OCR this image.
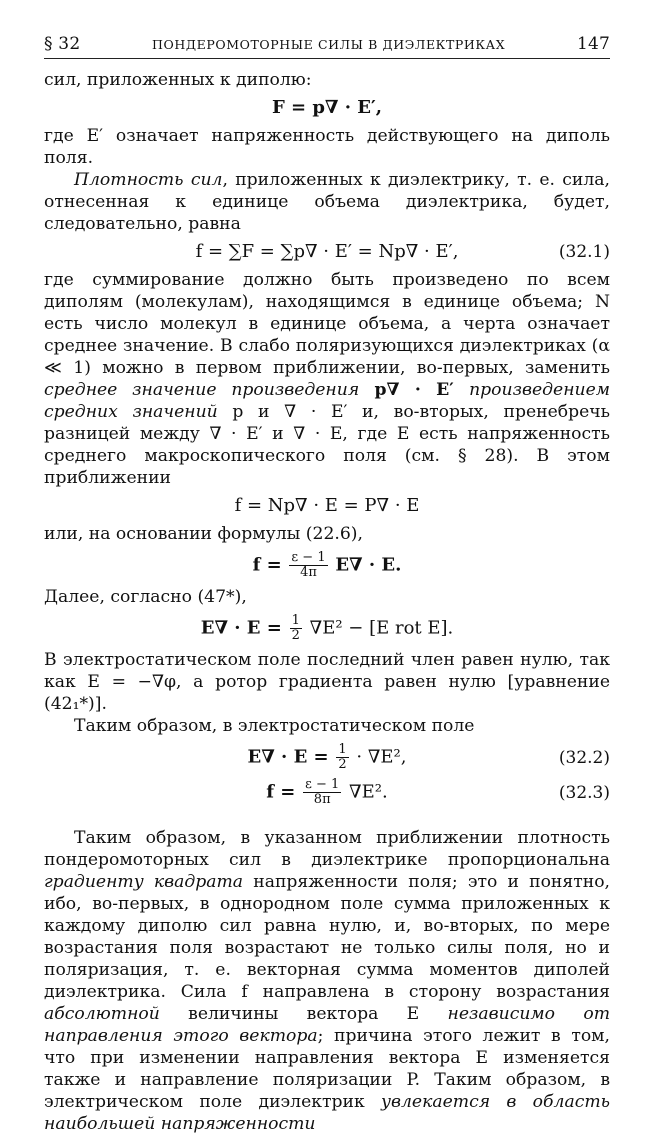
§ 32	ПОНДЕРОМОТОРНЫЕ СИЛЫ В ДИЭЛЕКТРИКАХ	147

сил, приложенных к диполю:

F = p∇ · E′,

где E′ означает напряженность действующего на диполь поля.

Плотность сил, приложенных к диэлектрику, т. е. сила, отнесенная к единице объема диэлектрика, будет, следовательно, равна

f = ∑F = ∑p∇ · E′ = Np∇ · E′,	(32.1)

где суммирование должно быть произведено по всем диполям (молекулам), находящимся в единице объема; N есть число молекул в единице объема, а черта означает среднее значение. В слабо поляризующихся диэлектриках (α ≪ 1) можно в первом приближении, во-первых, заменить среднее значение произведения p∇ · E′ произведением средних значений p и ∇ · E′ и, во-вторых, пренебречь разницей между ∇ · E′ и ∇ · E, где E есть напряженность среднего макроскопического поля (см. § 28). В этом приближении

f = Np∇ · E = P∇ · E

или, на основании формулы (22.6),

$f = \frac{\varepsilon - 1}{4\pi} E\nabla \cdot E$.

Далее, согласно (47*),

$E\nabla \cdot E = \frac{1}{2} \nabla E^2 - [E$ rot E].

В электростатическом поле последний член равен нулю, так как E = −∇φ, а ротор градиента равен нулю [уравнение (42₁*)].

Таким образом, в электростатическом поле

$E\nabla \cdot E = \frac{1}{2} \cdot \nabla E^2$,	(32.2)
$f = \frac{\varepsilon - 1}{8\pi} \nabla E^2$.	(32.3)

Таким образом, в указанном приближении плотность пондеромоторных сил в диэлектрике пропорциональна градиенту квадрата напряженности поля; это и понятно, ибо, во-первых, в однородном поле сумма приложенных к каждому диполю сил равна нулю, и, во-вторых, по мере возрастания поля возрастают не только силы поля, но и поляризация, т. е. векторная сумма моментов диполей диэлектрика. Сила f направлена в сторону возрастания абсолютной величины вектора E независимо от направления этого вектора; причина этого лежит в том, что при изменении направления вектора E изменяется также и направление поляризации P. Таким образом, в электрическом поле диэлектрик увлекается в область наибольшей напряженности
